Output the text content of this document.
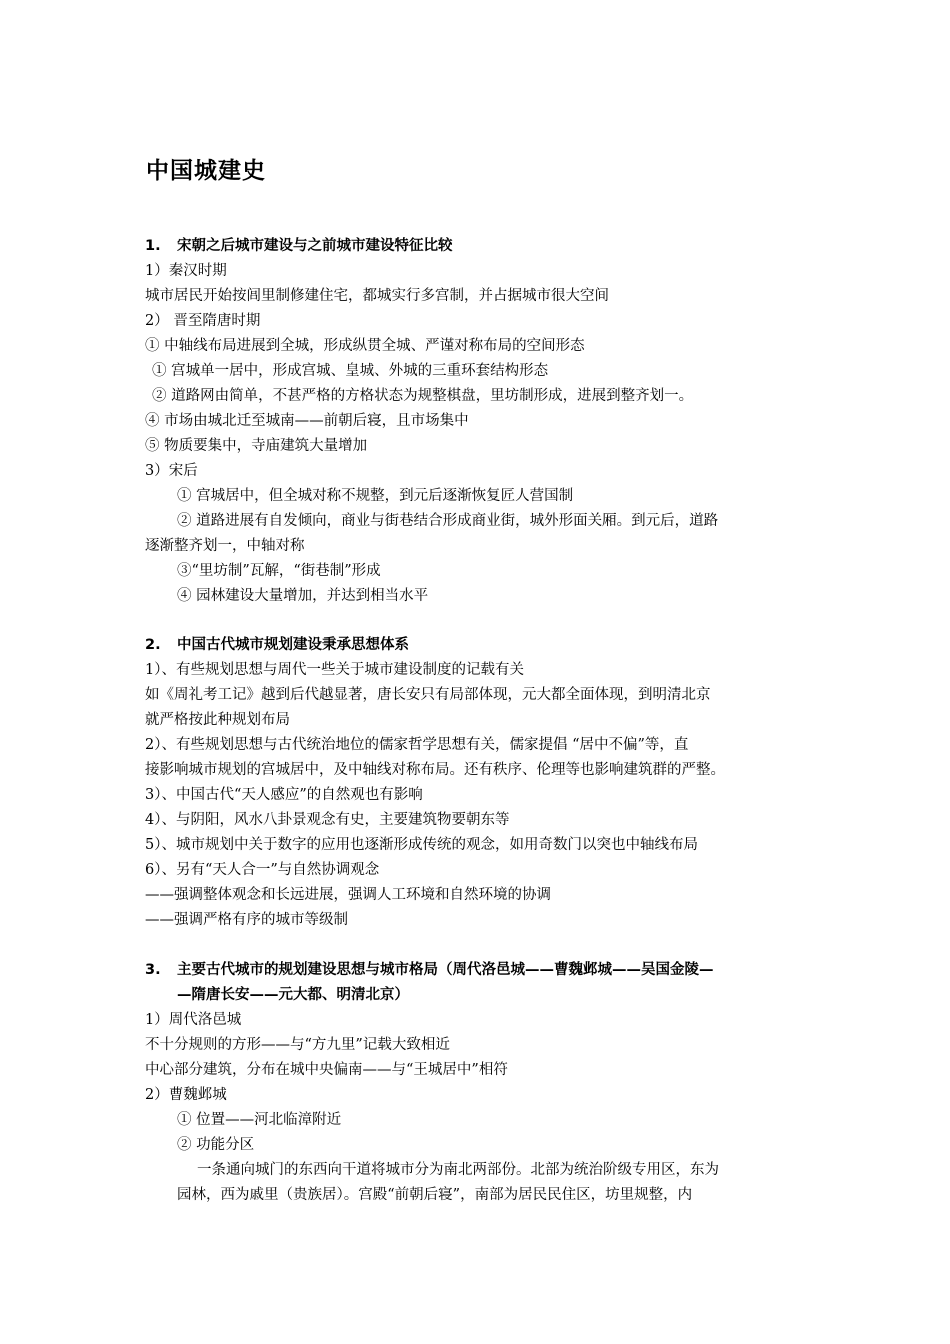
中国城建史
1. 宋朝之后城市建设与之前城市建设特征比较
1）秦汉时期
城市居民开始按闾里制修建住宅，都城实行多宫制，并占据城市很大空间
2） 晋至隋唐时期
① 中轴线布局进展到全城，形成纵贯全城、严谨对称布局的空间形态
① 宫城单一居中，形成宫城、皇城、外城的三重环套结构形态
② 道路网由简单，不甚严格的方格状态为规整棋盘，里坊制形成，进展到整齐划一。
④ 市场由城北迁至城南——前朝后寝，且市场集中
⑤ 物质要集中，寺庙建筑大量增加
3）宋后
① 宫城居中，但全城对称不规整，到元后逐渐恢复匠人营国制
② 道路进展有自发倾向，商业与街巷结合形成商业街，城外形面关厢。到元后，道路
逐渐整齐划一，中轴对称
③“里坊制”瓦解，“街巷制”形成
④ 园林建设大量增加，并达到相当水平
2. 中国古代城市规划建设秉承思想体系
1）、有些规划思想与周代一些关于城市建设制度的记载有关
如《周礼考工记》越到后代越显著，唐长安只有局部体现，元大都全面体现，到明清北京
就严格按此种规划布局
2）、有些规划思想与古代统治地位的儒家哲学思想有关，儒家提倡 “居中不偏”等，直
接影响城市规划的宫城居中，及中轴线对称布局。还有秩序、伦理等也影响建筑群的严整。
3）、中国古代“天人感应”的自然观也有影响
4）、与阴阳，风水八卦景观念有史，主要建筑物要朝东等
5）、城市规划中关于数字的应用也逐渐形成传统的观念，如用奇数门以突也中轴线布局
6）、另有“天人合一”与自然协调观念
——强调整体观念和长远进展，强调人工环境和自然环境的协调
——强调严格有序的城市等级制
3. 主要古代城市的规划建设思想与城市格局（周代洛邑城——曹魏邺城——吴国金陵—
—隋唐长安——元大都、明清北京）
1）周代洛邑城
不十分规则的方形——与“方九里”记载大致相近
中心部分建筑，分布在城中央偏南——与“王城居中”相符
2）曹魏邺城
① 位置——河北临漳附近
② 功能分区
一条通向城门的东西向干道将城市分为南北两部份。北部为统治阶级专用区，东为
园林，西为戚里（贵族居）。宫殿“前朝后寝”，南部为居民民住区，坊里规整，内
